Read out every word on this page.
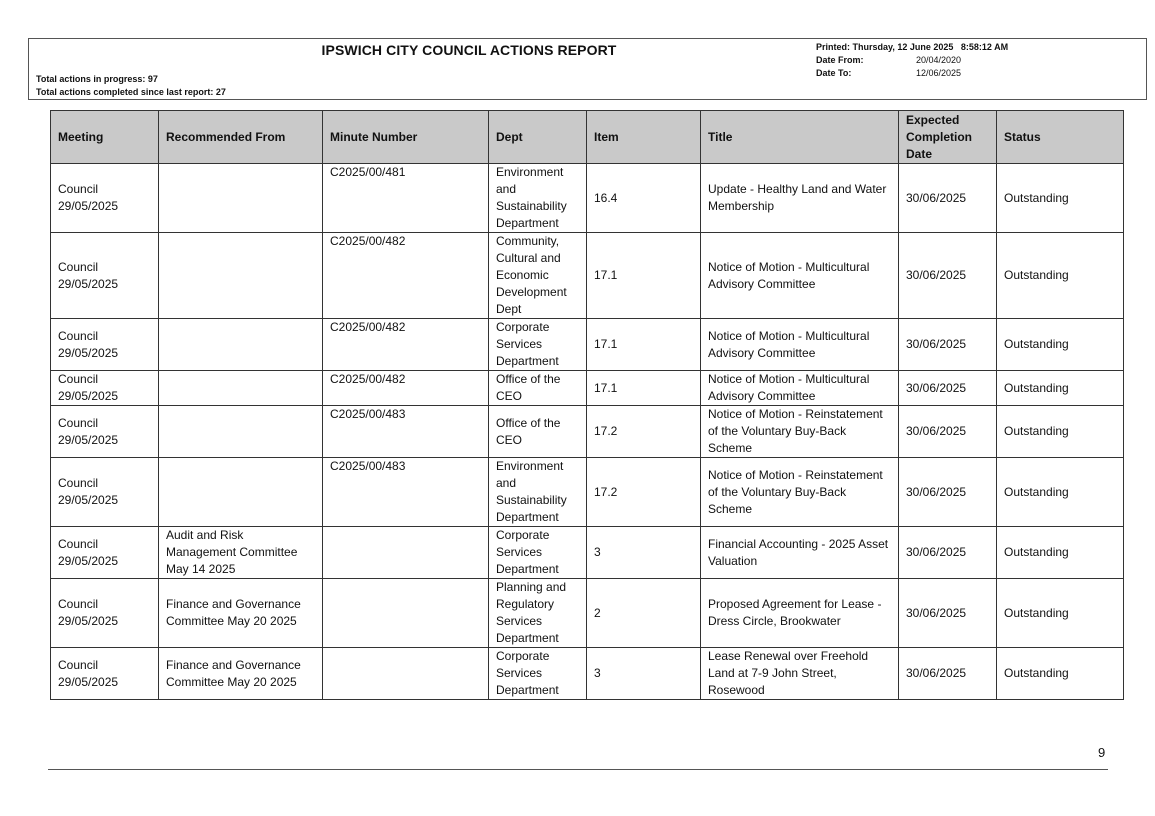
IPSWICH CITY COUNCIL ACTIONS REPORT
Total actions in progress: 97
Total actions completed since last report: 27
Printed: Thursday, 12 June 2025   8:58:12 AM
Date From:	20/04/2020
Date To:	12/06/2025
Meeting	Recommended From	Minute Number	Dept	Item	Title	Expected Completion Date	Status
Council 29/05/2025		C2025/00/481	Environment and Sustainability Department	16.4	Update - Healthy Land and Water Membership	30/06/2025	Outstanding
Council 29/05/2025		C2025/00/482	Community, Cultural and Economic Development Dept	17.1	Notice of Motion - Multicultural Advisory Committee	30/06/2025	Outstanding
Council 29/05/2025		C2025/00/482	Corporate Services Department	17.1	Notice of Motion - Multicultural Advisory Committee	30/06/2025	Outstanding
Council 29/05/2025		C2025/00/482	Office of the CEO	17.1	Notice of Motion - Multicultural Advisory Committee	30/06/2025	Outstanding
Council 29/05/2025		C2025/00/483	Office of the CEO	17.2	Notice of Motion - Reinstatement of the Voluntary Buy-Back Scheme	30/06/2025	Outstanding
Council 29/05/2025		C2025/00/483	Environment and Sustainability Department	17.2	Notice of Motion - Reinstatement of the Voluntary Buy-Back Scheme	30/06/2025	Outstanding
Council 29/05/2025	Audit and Risk Management Committee May 14 2025		Corporate Services Department	3	Financial Accounting - 2025 Asset Valuation	30/06/2025	Outstanding
Council 29/05/2025	Finance and Governance Committee May 20 2025		Planning and Regulatory Services Department	2	Proposed Agreement for Lease - Dress Circle, Brookwater	30/06/2025	Outstanding
Council 29/05/2025	Finance and Governance Committee May 20 2025		Corporate Services Department	3	Lease Renewal over Freehold Land at 7-9 John Street, Rosewood	30/06/2025	Outstanding
9
